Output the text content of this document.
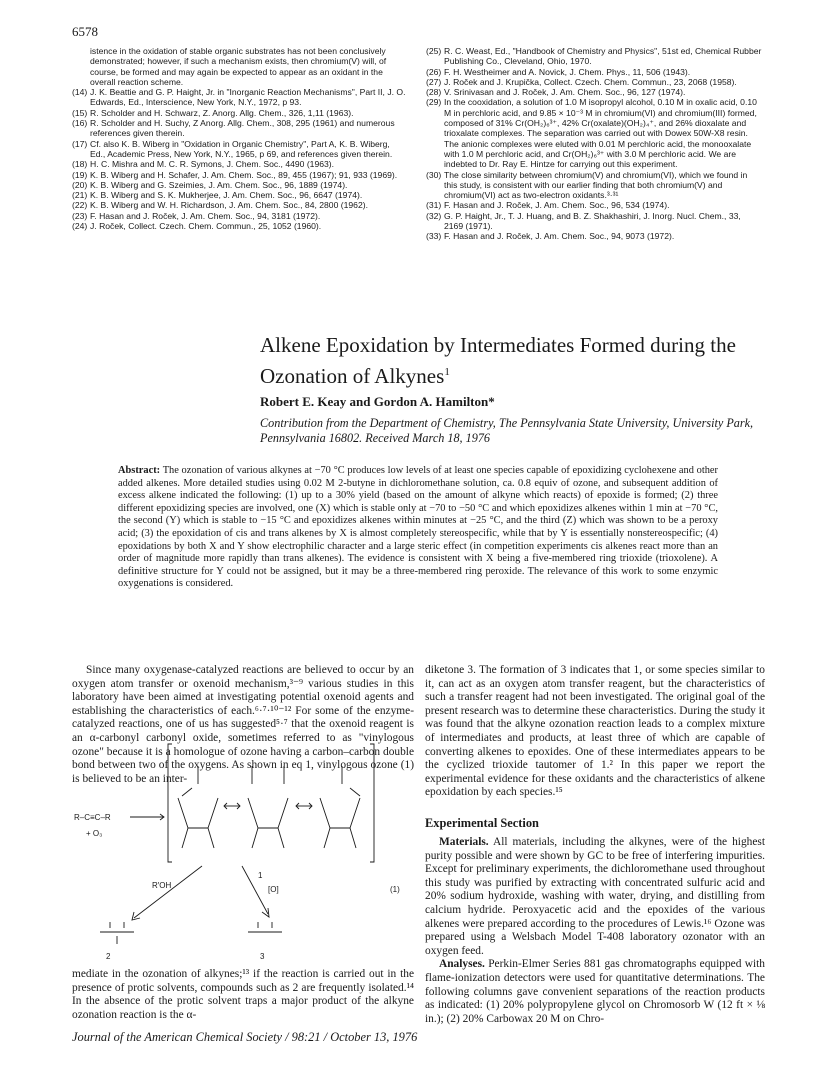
6578
istence in the oxidation of stable organic substrates has not been conclusively demonstrated; however, if such a mechanism exists, then chromium(V) will, of course, be formed and may again be expected to appear as an oxidant in the overall reaction scheme.
(14) J. K. Beattie and G. P. Haight, Jr. in "Inorganic Reaction Mechanisms", Part II, J. O. Edwards, Ed., Interscience, New York, N.Y., 1972, p 93.
(15) R. Scholder and H. Schwarz, Z. Anorg. Allg. Chem., 326, 1,11 (1963).
(16) R. Scholder and H. Suchy, Z Anorg. Allg. Chem., 308, 295 (1961) and numerous references given therein.
(17) Cf. also K. B. Wiberg in "Oxidation in Organic Chemistry", Part A, K. B. Wiberg, Ed., Academic Press, New York, N.Y., 1965, p 69, and references given therein.
(18) H. C. Mishra and M. C. R. Symons, J. Chem. Soc., 4490 (1963).
(19) K. B. Wiberg and H. Schafer, J. Am. Chem. Soc., 89, 455 (1967); 91, 933 (1969).
(20) K. B. Wiberg and G. Szeimies, J. Am. Chem. Soc., 96, 1889 (1974).
(21) K. B. Wiberg and S. K. Mukherjee, J. Am. Chem. Soc., 96, 6647 (1974).
(22) K. B. Wiberg and W. H. Richardson, J. Am. Chem. Soc., 84, 2800 (1962).
(23) F. Hasan and J. Roček, J. Am. Chem. Soc., 94, 3181 (1972).
(24) J. Roček, Collect. Czech. Chem. Commun., 25, 1052 (1960).
(25) R. C. Weast, Ed., "Handbook of Chemistry and Physics", 51st ed, Chemical Rubber Publishing Co., Cleveland, Ohio, 1970.
(26) F. H. Westheimer and A. Novick, J. Chem. Phys., 11, 506 (1943).
(27) J. Roček and J. Krupička, Collect. Czech. Chem. Commun., 23, 2068 (1958).
(28) V. Srinivasan and J. Roček, J. Am. Chem. Soc., 96, 127 (1974).
(29) In the cooxidation, a solution of 1.0 M isopropyl alcohol, 0.10 M in oxalic acid, 0.10 M in perchloric acid, and 9.85 × 10⁻³ M in chromium(VI) and chromium(III) formed, composed of 31% Cr(OH₂)₆³⁺, 42% Cr(oxalate)(OH₂)₄⁺, and 26% dioxalate and trioxalate complexes. The separation was carried out with Dowex 50W-X8 resin. The anionic complexes were eluted with 0.01 M perchloric acid, the monooxalate with 1.0 M perchloric acid, and Cr(OH₂)₆³⁺ with 3.0 M perchloric acid. We are indebted to Dr. Ray E. Hintze for carrying out this experiment.
(30) The close similarity between chromium(V) and chromium(VI), which we found in this study, is consistent with our earlier finding that both chromium(V) and chromium(VI) act as two-electron oxidants.³·³¹
(31) F. Hasan and J. Roček, J. Am. Chem. Soc., 96, 534 (1974).
(32) G. P. Haight, Jr., T. J. Huang, and B. Z. Shakhashiri, J. Inorg. Nucl. Chem., 33, 2169 (1971).
(33) F. Hasan and J. Roček, J. Am. Chem. Soc., 94, 9073 (1972).
Alkene Epoxidation by Intermediates Formed during the Ozonation of Alkynes$^1$
Robert E. Keay and Gordon A. Hamilton*
Contribution from the Department of Chemistry, The Pennsylvania State University, University Park, Pennsylvania 16802. Received March 18, 1976
Abstract: The ozonation of various alkynes at −70 °C produces low levels of at least one species capable of epoxidizing cyclohexene and other added alkenes. More detailed studies using 0.02 M 2-butyne in dichloromethane solution, ca. 0.8 equiv of ozone, and subsequent addition of excess alkene indicated the following: (1) up to a 30% yield (based on the amount of alkyne which reacts) of epoxide is formed; (2) three different epoxidizing species are involved, one (X) which is stable only at −70 to −50 °C and which epoxidizes alkenes within 1 min at −70 °C, the second (Y) which is stable to −15 °C and epoxidizes alkenes within minutes at −25 °C, and the third (Z) which was shown to be a peroxy acid; (3) the epoxidation of cis and trans alkenes by X is almost completely stereospecific, while that by Y is essentially nonstereospecific; (4) epoxidations by both X and Y show electrophilic character and a large steric effect (in competition experiments cis alkenes react more than an order of magnitude more rapidly than trans alkenes). The evidence is consistent with X being a five-membered ring trioxide (trioxolene). A definitive structure for Y could not be assigned, but it may be a three-membered ring peroxide. The relevance of this work to some enzymic oxygenations is considered.

Since many oxygenase-catalyzed reactions are believed to occur by an oxygen atom transfer or oxenoid mechanism,³⁻⁹ various studies in this laboratory have been aimed at investigating potential oxenoid agents and establishing the characteristics of each.⁶·⁷·¹⁰⁻¹² For some of the enzyme-catalyzed reactions, one of us has suggested⁵·⁷ that the oxenoid reagent is an α-carbonyl carbonyl oxide, sometimes referred to as "vinylogous ozone" because it is a homologue of ozone having a carbon–carbon double bond between two of the oxygens. As shown in eq 1, vinylogous ozone (1) is believed to be an inter-

R–C≡C–R
+ O₃
1
(1)
R′OH	[O]
2	3
mediate in the ozonation of alkynes;¹³ if the reaction is carried out in the presence of protic solvents, compounds such as 2 are frequently isolated.¹⁴ In the absence of the protic solvent traps a major product of the alkyne ozonation reaction is the α-
diketone 3. The formation of 3 indicates that 1, or some species similar to it, can act as an oxygen atom transfer reagent, but the characteristics of such a transfer reagent had not been investigated. The original goal of the present research was to determine these characteristics. During the study it was found that the alkyne ozonation reaction leads to a complex mixture of intermediates and products, at least three of which are capable of converting alkenes to epoxides. One of these intermediates appears to be the cyclized trioxide tautomer of 1.² In this paper we report the experimental evidence for these oxidants and the characteristics of alkene epoxidation by each species.¹⁵
Experimental Section

Materials. All materials, including the alkynes, were of the highest purity possible and were shown by GC to be free of interfering impurities. Except for preliminary experiments, the dichloromethane used throughout this study was purified by extracting with concentrated sulfuric acid and 20% sodium hydroxide, washing with water, drying, and distilling from calcium hydride. Peroxyacetic acid and the epoxides of the various alkenes were prepared according to the procedures of Lewis.¹⁶ Ozone was prepared using a Welsbach Model T-408 laboratory ozonator with an oxygen feed.

Analyses. Perkin-Elmer Series 881 gas chromatographs equipped with flame-ionization detectors were used for quantitative determinations. The following columns gave convenient separations of the reaction products as indicated: (1) 20% polypropylene glycol on Chromosorb W (12 ft × ⅛ in.); (2) 20% Carbowax 20 M on Chro-

Journal of the American Chemical Society / 98:21 / October 13, 1976
